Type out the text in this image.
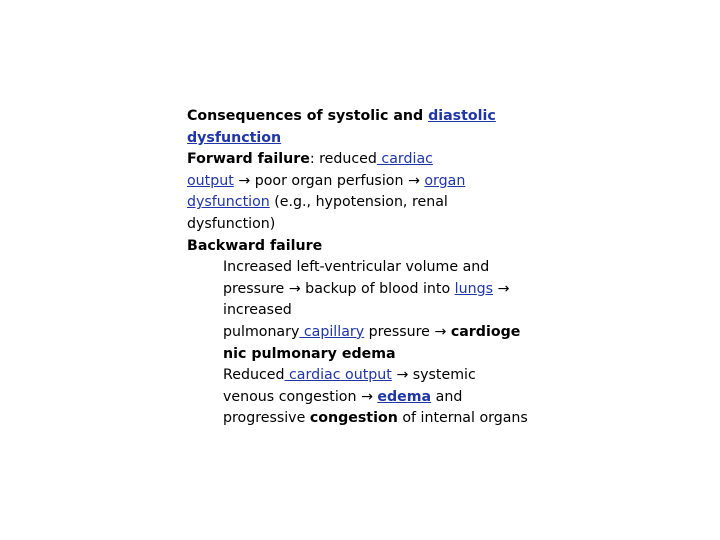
Consequences of systolic and diastolic
dysfunction
Forward failure: reduced cardiac
output → poor organ perfusion → organ
dysfunction (e.g., hypotension, renal
dysfunction)
Backward failure
Increased left-ventricular volume and
pressure → backup of blood into lungs →
increased
pulmonary capillary pressure → cardioge
nic pulmonary edema
Reduced cardiac output → systemic
venous congestion → edema and
progressive congestion of internal organs
